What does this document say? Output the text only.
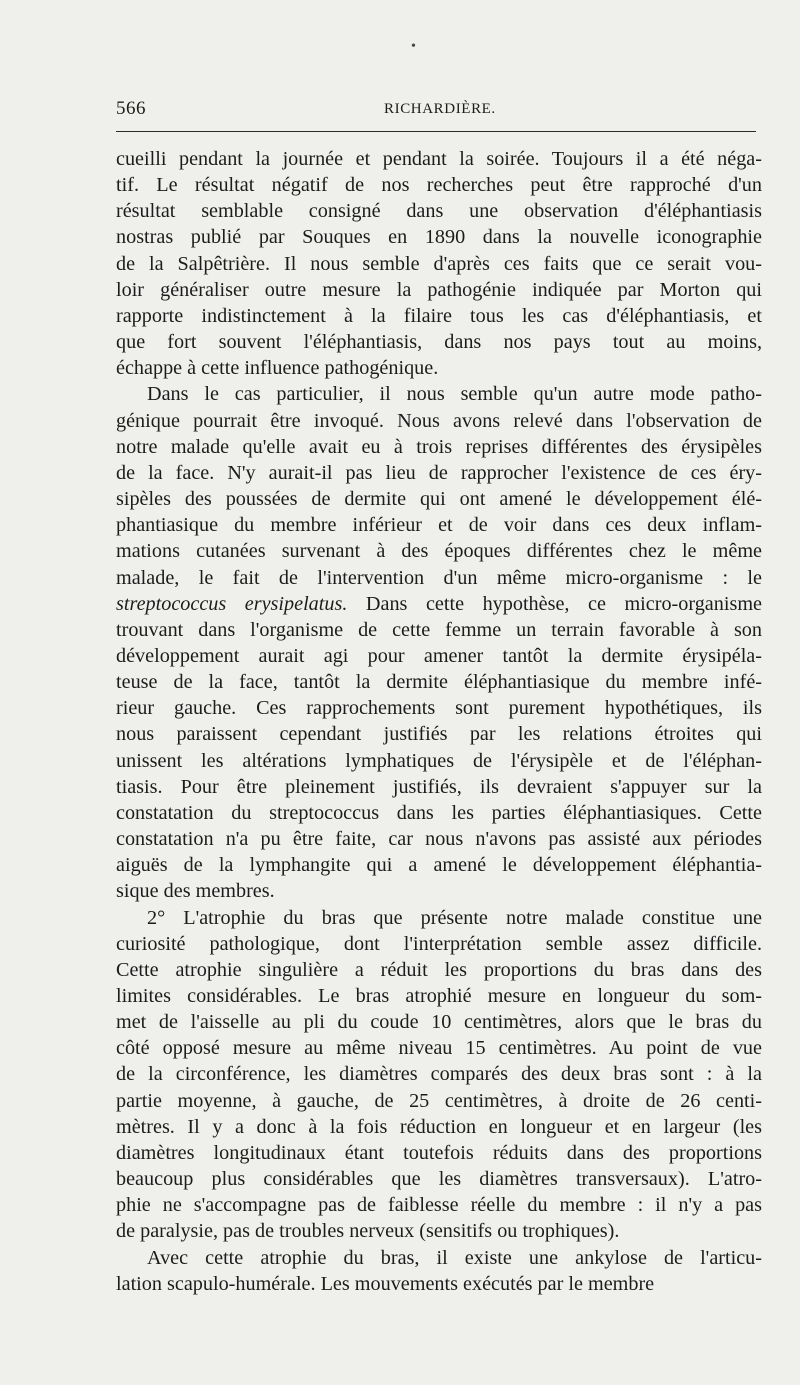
•
566	RICHARDIÈRE.

cueilli pendant la journée et pendant la soirée. Toujours il a été néga-
tif. Le résultat négatif de nos recherches peut être rapproché d'un
résultat semblable consigné dans une observation d'éléphantiasis
nostras publié par Souques en 1890 dans la nouvelle iconographie
de la Salpêtrière. Il nous semble d'après ces faits que ce serait vou-
loir généraliser outre mesure la pathogénie indiquée par Morton qui
rapporte indistinctement à la filaire tous les cas d'éléphantiasis, et
que fort souvent l'éléphantiasis, dans nos pays tout au moins,
échappe à cette influence pathogénique.

Dans le cas particulier, il nous semble qu'un autre mode patho-
génique pourrait être invoqué. Nous avons relevé dans l'observation de
notre malade qu'elle avait eu à trois reprises différentes des érysipèles
de la face. N'y aurait-il pas lieu de rapprocher l'existence de ces éry-
sipèles des poussées de dermite qui ont amené le développement élé-
phantiasique du membre inférieur et de voir dans ces deux inflam-
mations cutanées survenant à des époques différentes chez le même
malade, le fait de l'intervention d'un même micro-organisme : le
streptococcus erysipelatus. Dans cette hypothèse, ce micro-organisme
trouvant dans l'organisme de cette femme un terrain favorable à son
développement aurait agi pour amener tantôt la dermite érysipéla-
teuse de la face, tantôt la dermite éléphantiasique du membre infé-
rieur gauche. Ces rapprochements sont purement hypothétiques, ils
nous paraissent cependant justifiés par les relations étroites qui
unissent les altérations lymphatiques de l'érysipèle et de l'éléphan-
tiasis. Pour être pleinement justifiés, ils devraient s'appuyer sur la
constatation du streptococcus dans les parties éléphantiasiques. Cette
constatation n'a pu être faite, car nous n'avons pas assisté aux périodes
aiguës de la lymphangite qui a amené le développement éléphantia-
sique des membres.

2° L'atrophie du bras que présente notre malade constitue une
curiosité pathologique, dont l'interprétation semble assez difficile.
Cette atrophie singulière a réduit les proportions du bras dans des
limites considérables. Le bras atrophié mesure en longueur du som-
met de l'aisselle au pli du coude 10 centimètres, alors que le bras du
côté opposé mesure au même niveau 15 centimètres. Au point de vue
de la circonférence, les diamètres comparés des deux bras sont : à la
partie moyenne, à gauche, de 25 centimètres, à droite de 26 centi-
mètres. Il y a donc à la fois réduction en longueur et en largeur (les
diamètres longitudinaux étant toutefois réduits dans des proportions
beaucoup plus considérables que les diamètres transversaux). L'atro-
phie ne s'accompagne pas de faiblesse réelle du membre : il n'y a pas
de paralysie, pas de troubles nerveux (sensitifs ou trophiques).

Avec cette atrophie du bras, il existe une ankylose de l'articu-
lation scapulo-humérale. Les mouvements exécutés par le membre
